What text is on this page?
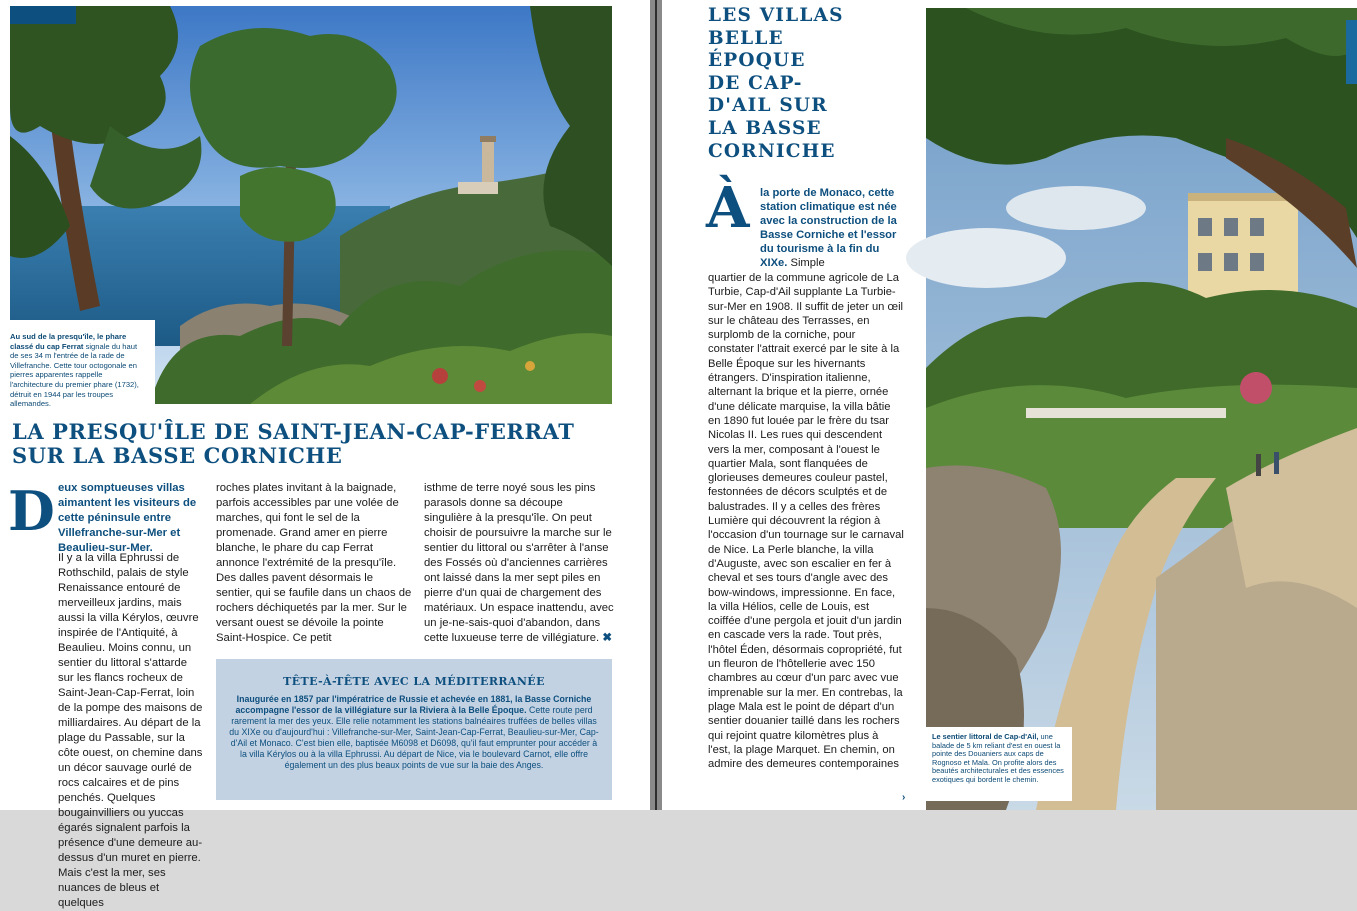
Au sud de la presqu'île, le phare classé du cap Ferrat signale du haut de ses 34 m l'entrée de la rade de Villefranche. Cette tour octogonale en pierres apparentes rappelle l'architecture du premier phare (1732), détruit en 1944 par les troupes allemandes.
LA PRESQU'ÎLE DE SAINT-JEAN-CAP-FERRAT
SUR LA BASSE CORNICHE
D eux somptueuses villas aimantent les visiteurs de cette péninsule entre Villefranche-sur-Mer et Beaulieu-sur-Mer.

Il y a la villa Ephrussi de Rothschild, palais de style Renaissance entouré de merveilleux jardins, mais aussi la villa Kérylos, œuvre inspirée de l'Antiquité, à Beaulieu. Moins connu, un sentier du littoral s'attarde sur les flancs rocheux de Saint-Jean-Cap-Ferrat, loin de la pompe des maisons de milliardaires. Au départ de la plage du Passable, sur la côte ouest, on chemine dans un décor sauvage ourlé de rocs calcaires et de pins penchés. Quelques bougainvilliers ou yuccas égarés signalent parfois la présence d'une demeure au-dessus d'un muret en pierre. Mais c'est la mer, ses nuances de bleus et quelques

roches plates invitant à la baignade, parfois accessibles par une volée de marches, qui font le sel de la promenade. Grand amer en pierre blanche, le phare du cap Ferrat annonce l'extrémité de la presqu'île. Des dalles pavent désormais le sentier, qui se faufile dans un chaos de rochers déchiquetés par la mer. Sur le versant ouest se dévoile la pointe Saint-Hospice. Ce petit

isthme de terre noyé sous les pins parasols donne sa découpe singulière à la presqu'île. On peut choisir de poursuivre la marche sur le sentier du littoral ou s'arrêter à l'anse des Fossés où d'anciennes carrières ont laissé dans la mer sept piles en pierre d'un quai de chargement des matériaux. Un espace inattendu, avec un je-ne-sais-quoi d'abandon, dans cette luxueuse terre de villégiature. ✖

TÊTE-À-TÊTE AVEC LA MÉDITERRANÉE
Inaugurée en 1857 par l'impératrice de Russie et achevée en 1881, la Basse Corniche accompagne l'essor de la villégiature sur la Riviera à la Belle Époque. Cette route perd rarement la mer des yeux. Elle relie notamment les stations balnéaires truffées de belles villas du XIXe ou d'aujourd'hui : Villefranche-sur-Mer, Saint-Jean-Cap-Ferrat, Beaulieu-sur-Mer, Cap-d'Ail et Monaco. C'est bien elle, baptisée M6098 et D6098, qu'il faut emprunter pour accéder à la villa Kérylos ou à la villa Ephrussi. Au départ de Nice, via le boulevard Carnot, elle offre également un des plus beaux points de vue sur la baie des Anges.
LES VILLAS
BELLE
ÉPOQUE
DE CAP-
D'AIL SUR
LA BASSE
CORNICHE
À la porte de Monaco, cette station climatique est née avec la construction de la Basse Corniche et l'essor du tourisme à la fin du XIXe. Simple

quartier de la commune agricole de La Turbie, Cap-d'Ail supplante La Turbie-sur-Mer en 1908. Il suffit de jeter un œil sur le château des Terrasses, en surplomb de la corniche, pour constater l'attrait exercé par le site à la Belle Époque sur les hivernants étrangers. D'inspiration italienne, alternant la brique et la pierre, ornée d'une délicate marquise, la villa bâtie en 1890 fut louée par le frère du tsar Nicolas II. Les rues qui descendent vers la mer, composant à l'ouest le quartier Mala, sont flanquées de glorieuses demeures couleur pastel, festonnées de décors sculptés et de balustrades. Il y a celles des frères Lumière qui découvrent la région à l'occasion d'un tournage sur le carnaval de Nice. La Perle blanche, la villa d'Auguste, avec son escalier en fer à cheval et ses tours d'angle avec des bow-windows, impressionne. En face, la villa Hélios, celle de Louis, est coiffée d'une pergola et jouit d'un jardin en cascade vers la rade. Tout près, l'hôtel Éden, désormais copropriété, fut un fleuron de l'hôtellerie avec 150 chambres au cœur d'un parc avec vue imprenable sur la mer. En contrebas, la plage Mala est le point de départ d'un sentier douanier taillé dans les rochers qui rejoint quatre kilomètres plus à l'est, la plage Marquet. En chemin, on admire des demeures contemporaines

›
Le sentier littoral de Cap-d'Ail, une balade de 5 km reliant d'est en ouest la pointe des Douaniers aux caps de Rognoso et Mala. On profite alors des beautés architecturales et des essences exotiques qui bordent le chemin.
